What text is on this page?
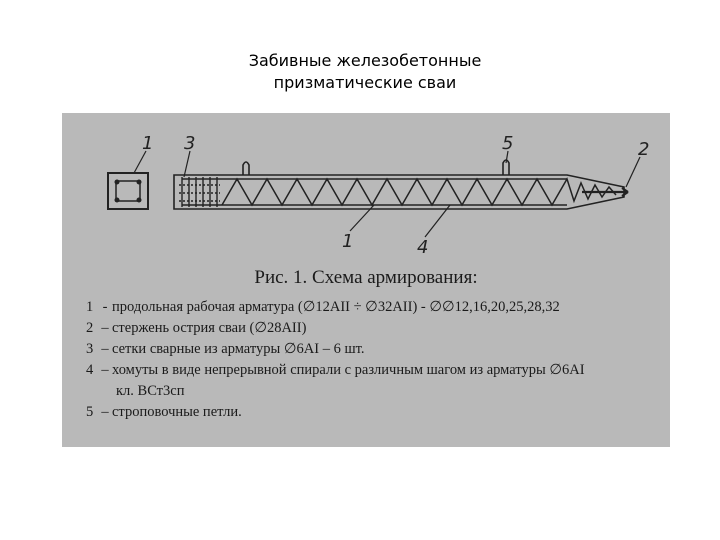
Забивные железобетонные
призматические сваи
1 3	5	2
1	4
Рис. 1. Схема армирования:
1 - продольная рабочая арматура (∅12АII ÷ ∅32АII) - ∅∅12,16,20,25,28,32
2 – стержень острия сваи (∅28АII)
3 – сетки сварные из арматуры ∅6АI – 6 шт.
4 – хомуты в виде непрерывной спирали с различным шагом из арматуры ∅6АI
кл. ВСт3сп
5 – строповочные петли.
